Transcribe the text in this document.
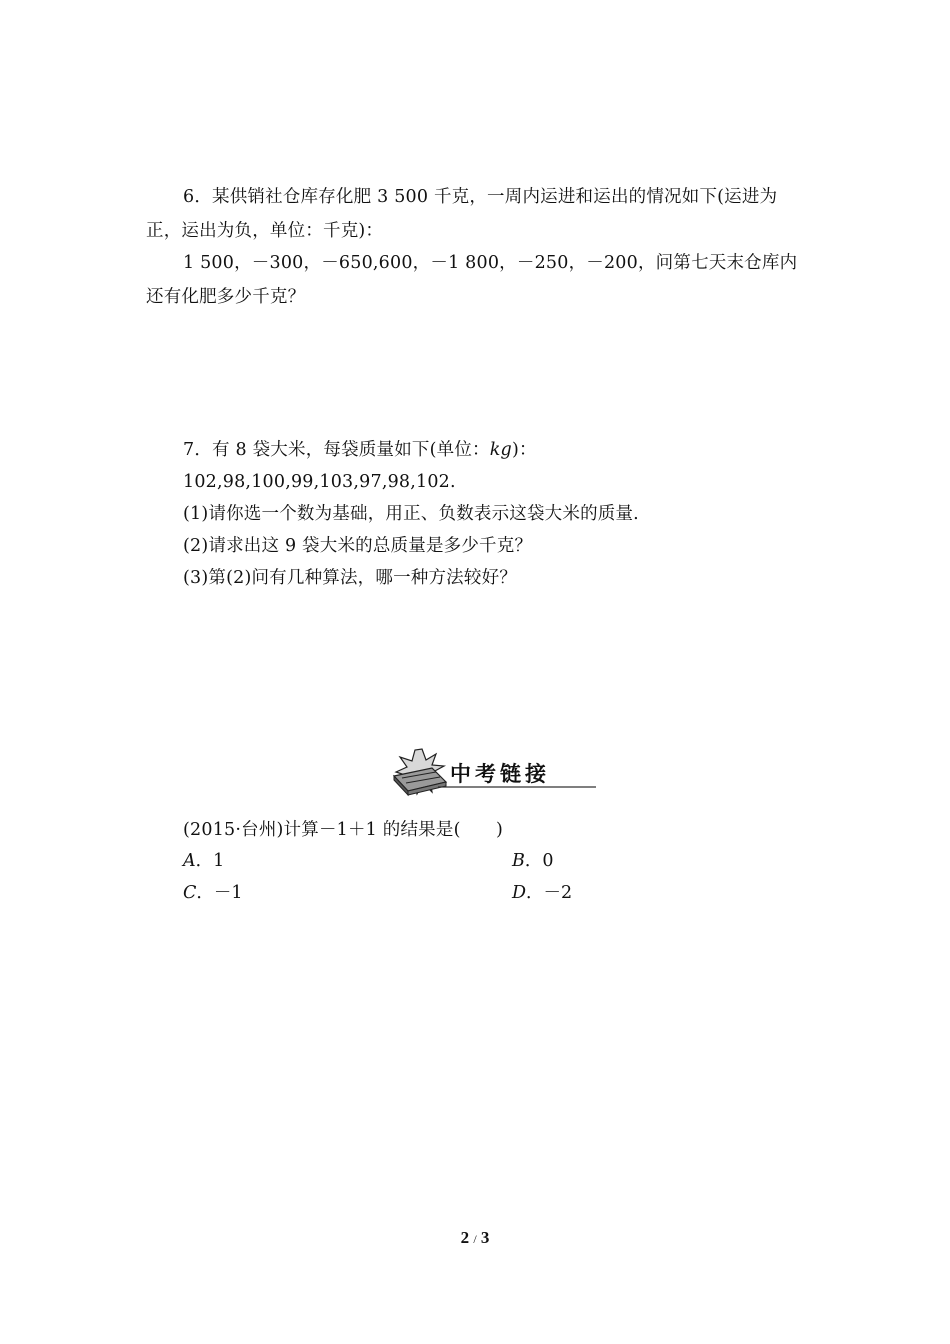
6．某供销社仓库存化肥 3 500 千克，一周内运进和运出的情况如下(运进为正，运出为负，单位：千克)：
1 500，－300，－650,600，－1 800，－250，－200，问第七天末仓库内还有化肥多少千克？
7．有 8 袋大米，每袋质量如下(单位：kg)：
102,98,100,99,103,97,98,102.
(1)请你选一个数为基础，用正、负数表示这袋大米的质量.
(2)请求出这 9 袋大米的总质量是多少千克？
(3)第(2)问有几种算法，哪一种方法较好？
中考链接
(2015·台州)计算－1＋1 的结果是(　　)
A．1	B．0
C．－1	D．－2
2 / 3
